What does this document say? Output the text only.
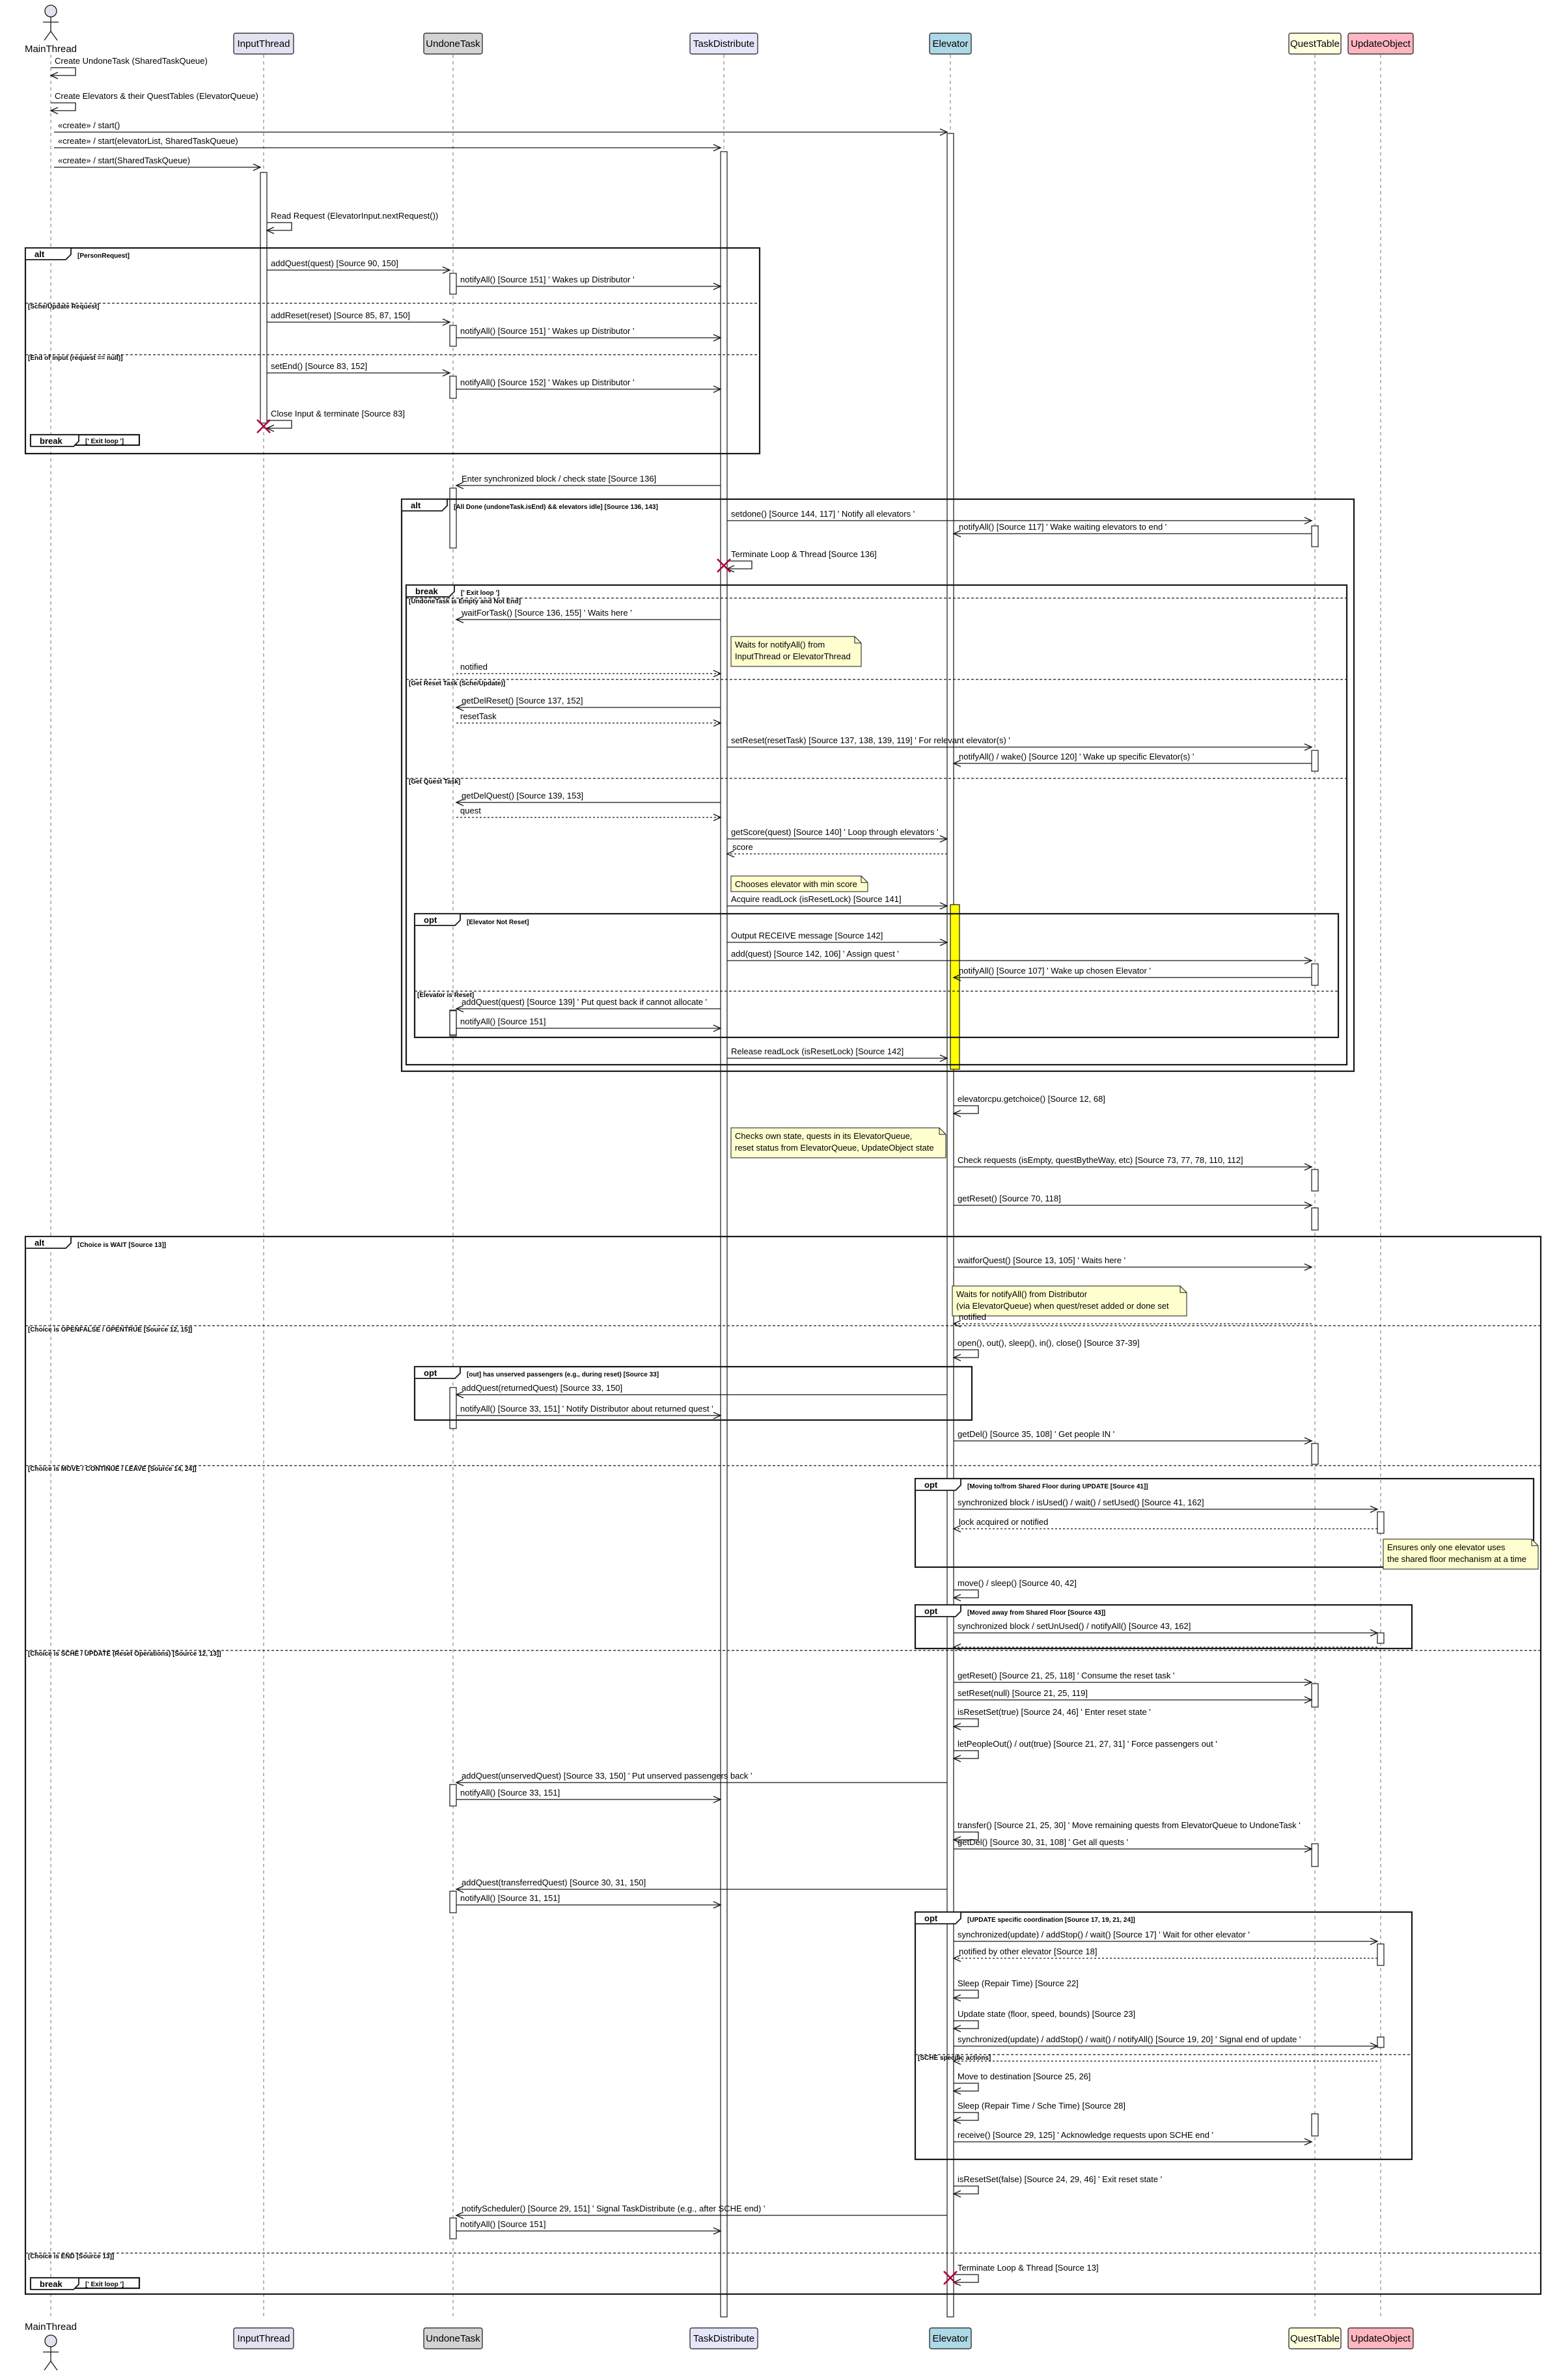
MainThread
MainThread
InputThread
InputThread
UndoneTask
UndoneTask
TaskDistribute
TaskDistribute
Elevator
Elevator
QuestTable
QuestTable
UpdateObject
UpdateObject
alt	[PersonRequest]
[Sche/Update Request]
[End of input (request == null)]
break	[' Exit loop ']
alt	[All Done (undoneTask.isEnd) && elevators idle] [Source 136, 143]
break	[' Exit loop ']
[UndoneTask is Empty and Not End]
[Get Reset Task (Sche/Update)]
[Get Quest Task]
opt	[Elevator Not Reset]
[Elevator is Reset]
alt	[Choice is WAIT [Source 13]]
[Choice is OPENFALSE / OPENTRUE [Source 12, 15]]
[Choice is MOVE / CONTINUE / LEAVE [Source 14, 24]]
[Choice is SCHE / UPDATE (Reset Operations) [Source 12, 13]]
[Choice is END [Source 13]]
opt	[out] has unserved passengers (e.g., during reset) [Source 33]
opt	[Moving to/from Shared Floor during UPDATE [Source 41]]
opt	[Moved away from Shared Floor [Source 43]]
opt	[UPDATE specific coordination [Source 17, 19, 21, 24]]
[SCHE specific actions]
break	[' Exit loop ']
Waits for notifyAll() from
InputThread or ElevatorThread
Chooses elevator with min score
Checks own state, quests in its ElevatorQueue,
reset status from ElevatorQueue, UpdateObject state
Waits for notifyAll() from Distributor
(via ElevatorQueue) when quest/reset added or done set
Ensures only one elevator uses
the shared floor mechanism at a time
Create UndoneTask (SharedTaskQueue)
Create Elevators & their QuestTables (ElevatorQueue)
«create» / start()
«create» / start(elevatorList, SharedTaskQueue)
«create» / start(SharedTaskQueue)
Read Request (ElevatorInput.nextRequest())
addQuest(quest) [Source 90, 150]
notifyAll() [Source 151] ' Wakes up Distributor '
addReset(reset) [Source 85, 87, 150]
notifyAll() [Source 151] ' Wakes up Distributor '
setEnd() [Source 83, 152]
notifyAll() [Source 152] ' Wakes up Distributor '
Close Input & terminate [Source 83]
Enter synchronized block / check state [Source 136]
setdone() [Source 144, 117] ' Notify all elevators '
notifyAll() [Source 117] ' Wake waiting elevators to end '
Terminate Loop & Thread [Source 136]
waitForTask() [Source 136, 155] ' Waits here '
notified
getDelReset() [Source 137, 152]
resetTask
setReset(resetTask) [Source 137, 138, 139, 119] ' For relevant elevator(s) '
notifyAll() / wake() [Source 120] ' Wake up specific Elevator(s) '
getDelQuest() [Source 139, 153]
quest
getScore(quest) [Source 140] ' Loop through elevators '
score
Acquire readLock (isResetLock) [Source 141]
Output RECEIVE message [Source 142]
add(quest) [Source 142, 106] ' Assign quest '
notifyAll() [Source 107] ' Wake up chosen Elevator '
addQuest(quest) [Source 139] ' Put quest back if cannot allocate '
notifyAll() [Source 151]
Release readLock (isResetLock) [Source 142]
elevatorcpu.getchoice() [Source 12, 68]
Check requests (isEmpty, questBytheWay, etc) [Source 73, 77, 78, 110, 112]
getReset() [Source 70, 118]
waitforQuest() [Source 13, 105] ' Waits here '
notified
open(), out(), sleep(), in(), close() [Source 37-39]
addQuest(returnedQuest) [Source 33, 150]
notifyAll() [Source 33, 151] ' Notify Distributor about returned quest '
getDel() [Source 35, 108] ' Get people IN '
synchronized block / isUsed() / wait() / setUsed() [Source 41, 162]
lock acquired or notified
move() / sleep() [Source 40, 42]
synchronized block / setUnUsed() / notifyAll() [Source 43, 162]
getReset() [Source 21, 25, 118] ' Consume the reset task '
setReset(null) [Source 21, 25, 119]
isResetSet(true) [Source 24, 46] ' Enter reset state '
letPeopleOut() / out(true) [Source 21, 27, 31] ' Force passengers out '
addQuest(unservedQuest) [Source 33, 150] ' Put unserved passengers back '
notifyAll() [Source 33, 151]
transfer() [Source 21, 25, 30] ' Move remaining quests from ElevatorQueue to UndoneTask '
getDel() [Source 30, 31, 108] ' Get all quests '
addQuest(transferredQuest) [Source 30, 31, 150]
notifyAll() [Source 31, 151]
synchronized(update) / addStop() / wait() [Source 17] ' Wait for other elevator '
notified by other elevator [Source 18]
Sleep (Repair Time) [Source 22]
Update state (floor, speed, bounds) [Source 23]
synchronized(update) / addStop() / wait() / notifyAll() [Source 19, 20] ' Signal end of update '
Move to destination [Source 25, 26]
Sleep (Repair Time / Sche Time) [Source 28]
receive() [Source 29, 125] ' Acknowledge requests upon SCHE end '
isResetSet(false) [Source 24, 29, 46] ' Exit reset state '
notifyScheduler() [Source 29, 151] ' Signal TaskDistribute (e.g., after SCHE end) '
notifyAll() [Source 151]
Terminate Loop & Thread [Source 13]
